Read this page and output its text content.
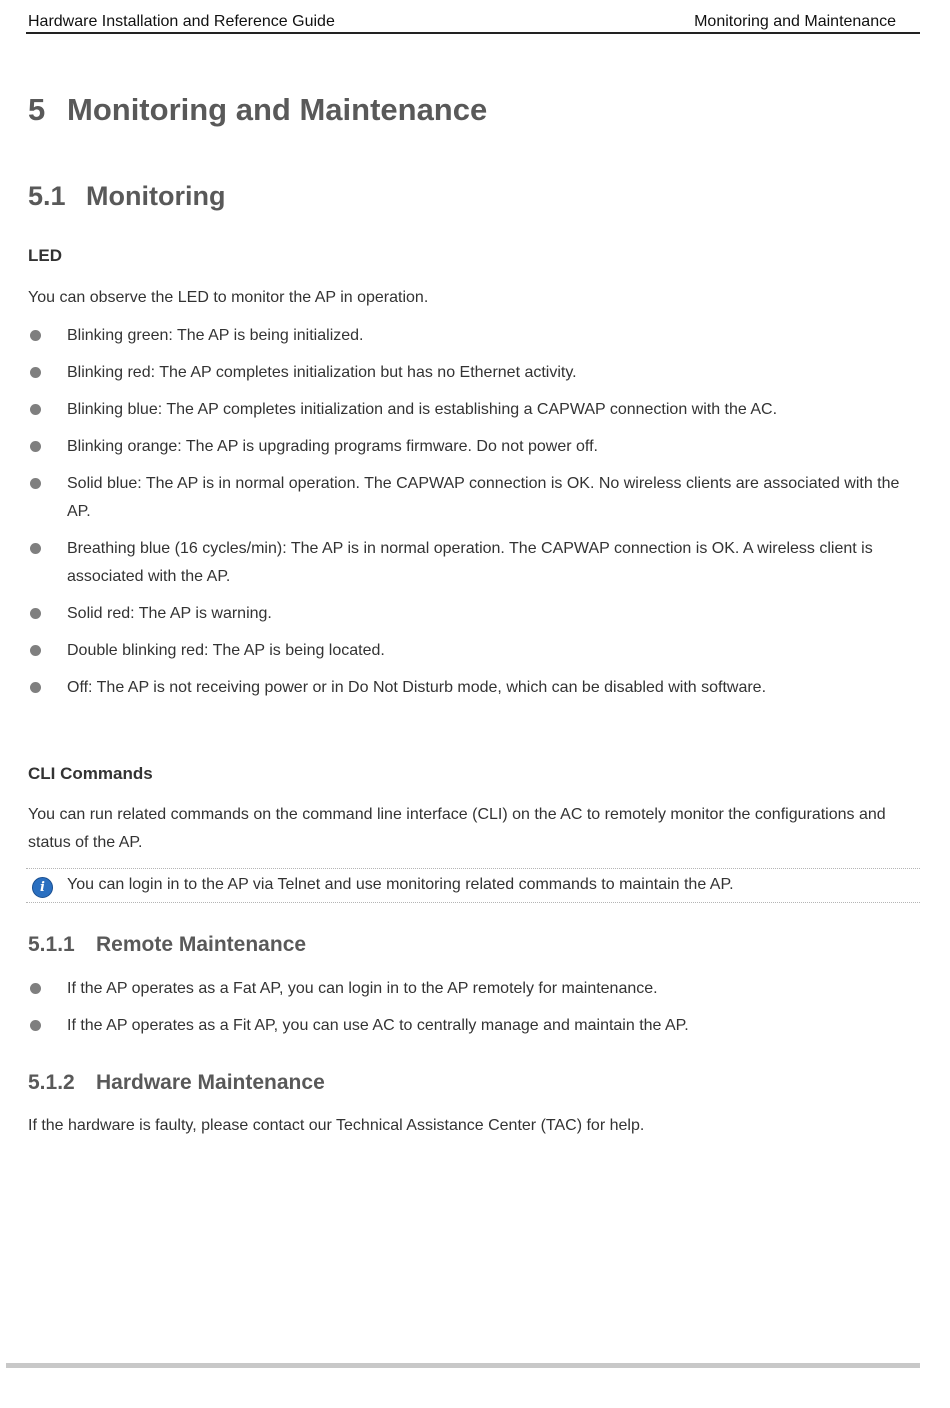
Hardware Installation and Reference Guide	Monitoring and Maintenance
5 Monitoring and Maintenance
5.1 Monitoring

LED

You can observe the LED to monitor the AP in operation.

Blinking green: The AP is being initialized.
Blinking red: The AP completes initialization but has no Ethernet activity.
Blinking blue: The AP completes initialization and is establishing a CAPWAP connection with the AC.
Blinking orange: The AP is upgrading programs firmware. Do not power off.
Solid blue: The AP is in normal operation. The CAPWAP connection is OK. No wireless clients are associated with the AP.
Breathing blue (16 cycles/min): The AP is in normal operation. The CAPWAP connection is OK. A wireless client is associated with the AP.
Solid red: The AP is warning.
Double blinking red: The AP is being located.
Off: The AP is not receiving power or in Do Not Disturb mode, which can be disabled with software.

CLI Commands

You can run related commands on the command line interface (CLI) on the AC to remotely monitor the configurations and status of the AP.

i	You can login in to the AP via Telnet and use monitoring related commands to maintain the AP.
5.1.1 Remote Maintenance
If the AP operates as a Fat AP, you can login in to the AP remotely for maintenance.
If the AP operates as a Fit AP, you can use AC to centrally manage and maintain the AP.
5.1.2 Hardware Maintenance

If the hardware is faulty, please contact our Technical Assistance Center (TAC) for help.
